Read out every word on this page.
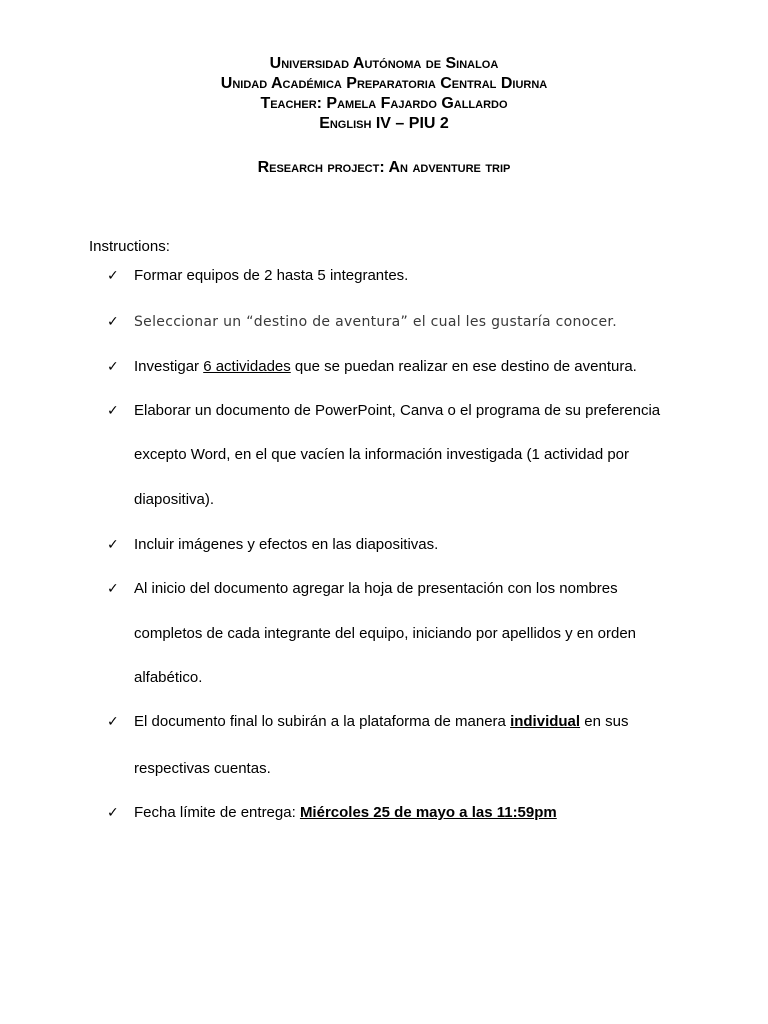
Universidad Autónoma de Sinaloa
Unidad Académica Preparatoria Central Diurna
Teacher: Pamela Fajardo Gallardo
English IV – PIU 2
Research project: An adventure trip
Instructions:
✓ Formar equipos de 2 hasta 5 integrantes.
✓ Seleccionar un “destino de aventura” el cual les gustaría conocer.
✓ Investigar 6 actividades que se puedan realizar en ese destino de aventura.
✓ Elaborar un documento de PowerPoint, Canva o el programa de su preferencia
excepto Word, en el que vacíen la información investigada (1 actividad por
diapositiva).
✓ Incluir imágenes y efectos en las diapositivas.
✓ Al inicio del documento agregar la hoja de presentación con los nombres
completos de cada integrante del equipo, iniciando por apellidos y en orden
alfabético.
✓ El documento final lo subirán a la plataforma de manera individual en sus
respectivas cuentas.
✓ Fecha límite de entrega: Miércoles 25 de mayo a las 11:59pm
